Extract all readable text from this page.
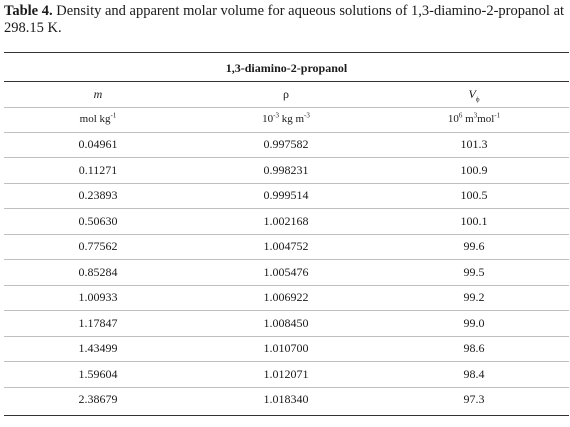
Table 4. Density and apparent molar volume for aqueous solutions of 1,3-diamino-2-propanol at 298.15 K.
1,3-diamino-2-propanol
m	ρ	$V_\phi$
mol $kg^{-1}$	$10^{-3}$ kg $m^{-3}$	$10^6$ $m^3mol^{-1}$
0.04961	0.997582	101.3
0.11271	0.998231	100.9
0.23893	0.999514	100.5
0.50630	1.002168	100.1
0.77562	1.004752	99.6
0.85284	1.005476	99.5
1.00933	1.006922	99.2
1.17847	1.008450	99.0
1.43499	1.010700	98.6
1.59604	1.012071	98.4
2.38679	1.018340	97.3
